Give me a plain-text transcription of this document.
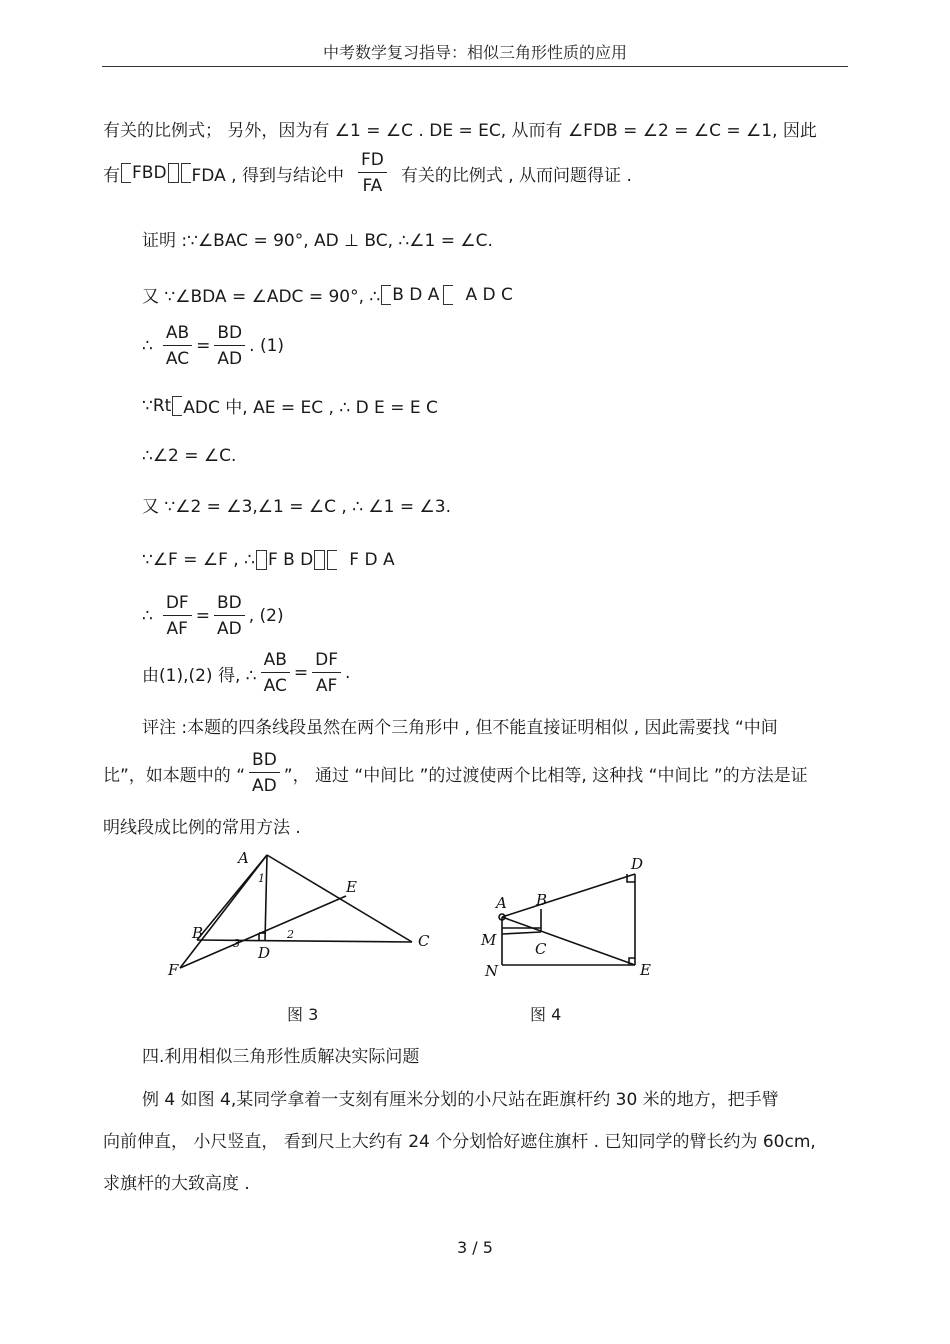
中考数学复习指导：相似三角形性质的应用
有关的比例式； 另外，因为有 ∠1 = ∠C . DE = EC, 从而有 ∠FDB = ∠2 = ∠C = ∠1, 因此
有 FBD FDA , 得到与结论中 $\frac{FD}{FA}$ 有关的比例式 , 从而问题得证 .
证明 :∵∠BAC = 90°, AD ⊥ BC, ∴∠1 = ∠C.
又 ∵∠BDA = ∠ADC = 90°, ∴ B D A A D C
∴ $\frac{AB}{AC} = \frac{BD}{AD}$ . (1)
∵Rt ADC 中, AE = EC , ∴ D E = E C
∴∠2 = ∠C.
又 ∵∠2 = ∠3,∠1 = ∠C , ∴ ∠1 = ∠3.
∵∠F = ∠F , ∴ F B D F D A
∴ $\frac{DF}{AF} = \frac{BD}{AD}$ , (2)
由(1),(2) 得, ∴ $\frac{AB}{AC} = \frac{DF}{AF}$ .
评注 :本题的四条线段虽然在两个三角形中 , 但不能直接证明相似 , 因此需要找 “中间
比”，如本题中的 “ $\frac{BD}{AD}$ ”， 通过 “中间比 ”的过渡使两个比相等, 这种找 “中间比 ”的方法是证
明线段成比例的常用方法 .
A
B	C
D
E
F
1
2
3
A B
C
D
E
M
N
图 3	图 4
四.利用相似三角形性质解决实际问题
例 4 如图 4,某同学拿着一支刻有厘米分划的小尺站在距旗杆约 30 米的地方，把手臂
向前伸直， 小尺竖直， 看到尺上大约有 24 个分划恰好遮住旗杆 . 已知同学的臂长约为 60cm,
求旗杆的大致高度 .
3 / 5
